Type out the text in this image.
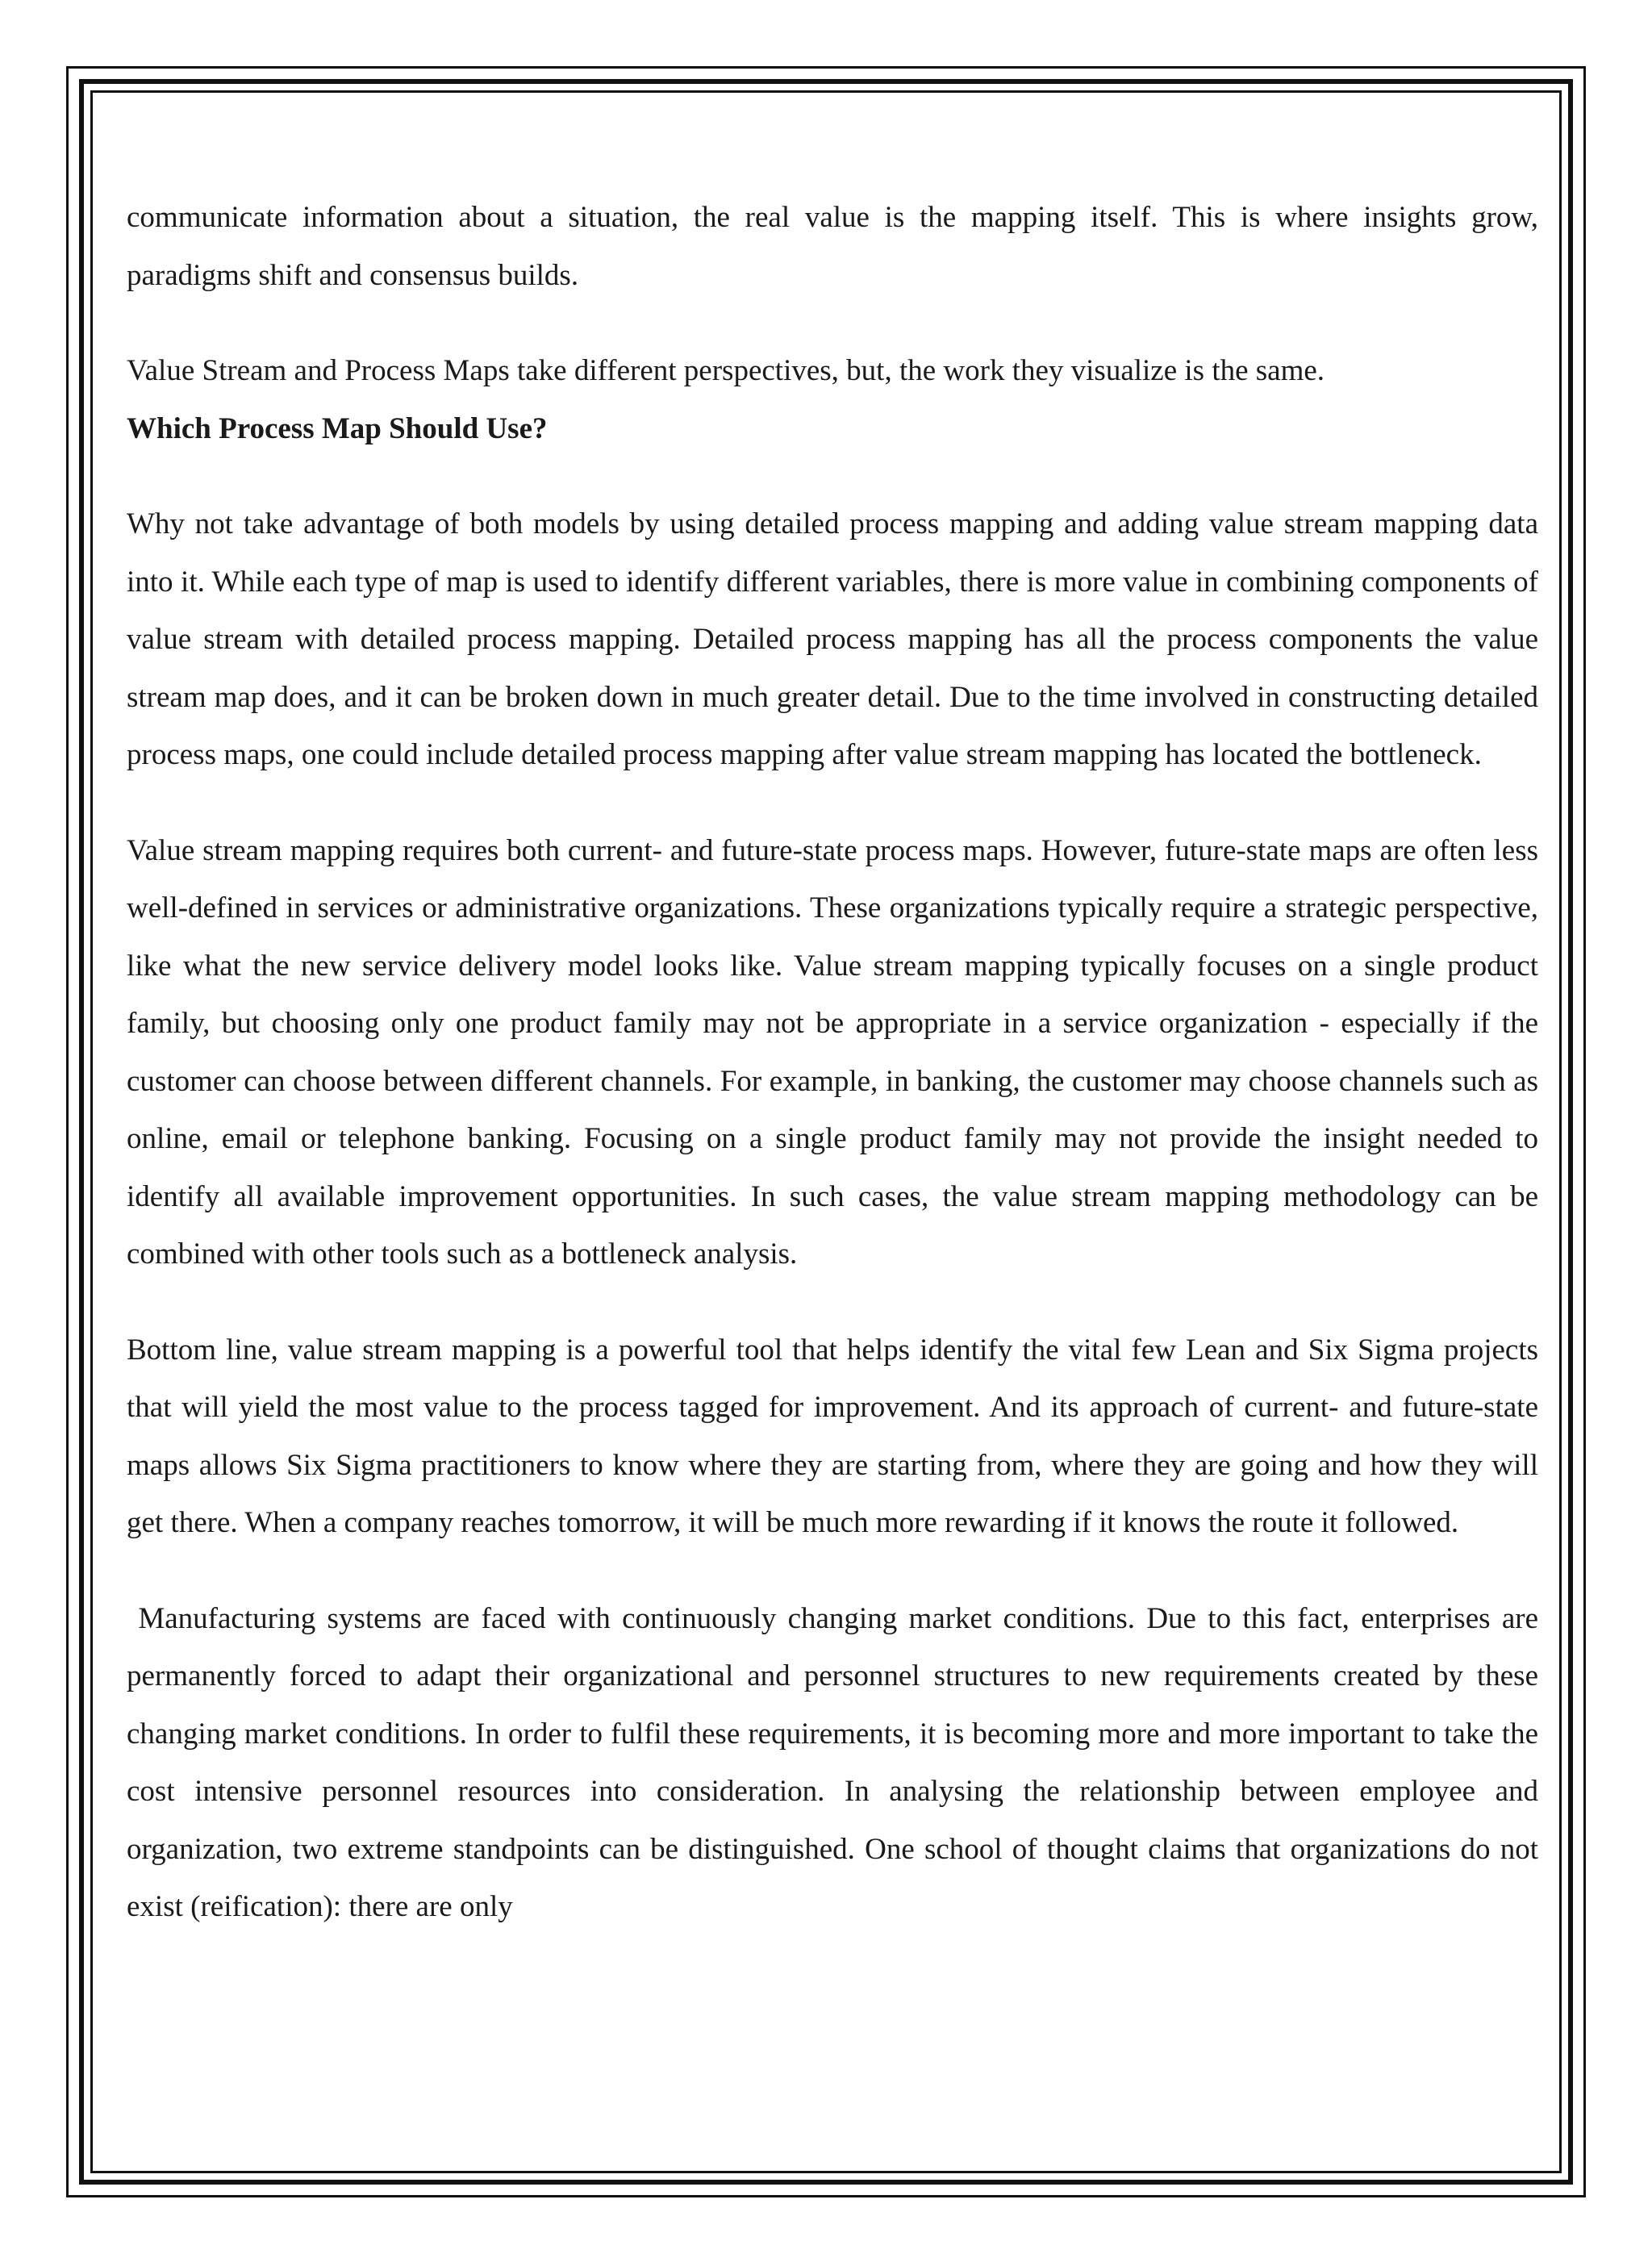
communicate information about a situation, the real value is the mapping itself. This is where insights grow, paradigms shift and consensus builds.

Value Stream and Process Maps take different perspectives, but, the work they visualize is the same.

Which Process Map Should Use?

Why not take advantage of both models by using detailed process mapping and adding value stream mapping data into it. While each type of map is used to identify different variables, there is more value in combining components of value stream with detailed process mapping. Detailed process mapping has all the process components the value stream map does, and it can be broken down in much greater detail. Due to the time involved in constructing detailed process maps, one could include detailed process mapping after value stream mapping has located the bottleneck.

Value stream mapping requires both current- and future-state process maps. However, future-state maps are often less well-defined in services or administrative organizations. These organizations typically require a strategic perspective, like what the new service delivery model looks like. Value stream mapping typically focuses on a single product family, but choosing only one product family may not be appropriate in a service organization - especially if the customer can choose between different channels. For example, in banking, the customer may choose channels such as online, email or telephone banking. Focusing on a single product family may not provide the insight needed to identify all available improvement opportunities. In such cases, the value stream mapping methodology can be combined with other tools such as a bottleneck analysis.

Bottom line, value stream mapping is a powerful tool that helps identify the vital few Lean and Six Sigma projects that will yield the most value to the process tagged for improvement. And its approach of current- and future-state maps allows Six Sigma practitioners to know where they are starting from, where they are going and how they will get there. When a company reaches tomorrow, it will be much more rewarding if it knows the route it followed.

Manufacturing systems are faced with continuously changing market conditions. Due to this fact, enterprises are permanently forced to adapt their organizational and personnel structures to new requirements created by these changing market conditions. In order to fulfil these requirements, it is becoming more and more important to take the cost intensive personnel resources into consideration. In analysing the relationship between employee and organization, two extreme standpoints can be distinguished. One school of thought claims that organizations do not exist (reification): there are only
